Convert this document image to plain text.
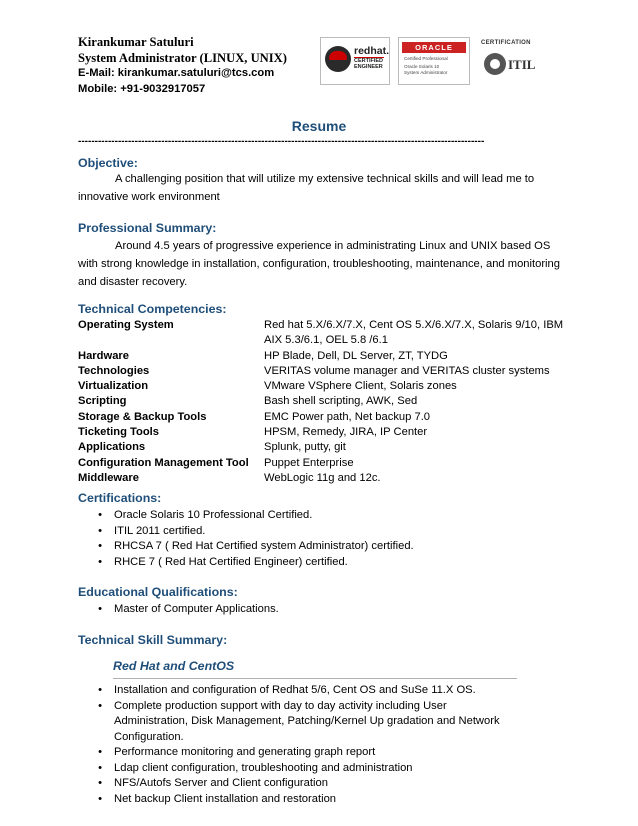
Kirankumar Satuluri
System Administrator (LINUX, UNIX)
E-Mail: kirankumar.satuluri@tcs.com
Mobile: +91-9032917057
redhat.
CERTIFIED
ENGINEER
ORACLE
Certified Professional
Oracle Solaris 10
System Administrator
CERTIFICATION
ITIL
Resume
--------------------------------------------------------------------------------------------------------------------------
Objective:
A challenging position that will utilize my extensive technical skills and will lead me to innovative work environment
Professional Summary:
Around 4.5 years of progressive experience in administrating Linux and UNIX based OS with strong knowledge in installation, configuration, troubleshooting, maintenance, and monitoring and disaster recovery.
Technical Competencies:
Operating System	Red hat 5.X/6.X/7.X, Cent OS 5.X/6.X/7.X, Solaris 9/10, IBM AIX 5.3/6.1, OEL 5.8 /6.1
Hardware	HP Blade, Dell, DL Server, ZT, TYDG
Technologies	VERITAS volume manager and VERITAS cluster systems
Virtualization	VMware VSphere Client, Solaris zones
Scripting	Bash shell scripting, AWK, Sed
Storage & Backup Tools	EMC Power path, Net backup 7.0
Ticketing Tools	HPSM, Remedy, JIRA, IP Center
Applications	Splunk, putty, git
Configuration Management Tool	Puppet Enterprise
Middleware	WebLogic 11g and 12c.
Certifications:
•	Oracle Solaris 10 Professional Certified.
•	ITIL 2011 certified.
•	RHCSA 7 ( Red Hat Certified system Administrator) certified.
•	RHCE 7 ( Red Hat Certified Engineer) certified.
Educational Qualifications:
•	Master of Computer Applications.
Technical Skill Summary:
Red Hat and CentOS
•	Installation and configuration of Redhat 5/6, Cent OS and SuSe 11.X OS.
•	Complete production support with day to day activity including User Administration, Disk Management, Patching/Kernel Up gradation and Network Configuration.
•	Performance monitoring and generating graph report
•	Ldap client configuration, troubleshooting and administration
•	NFS/Autofs Server and Client configuration
•	Net backup Client installation and restoration
